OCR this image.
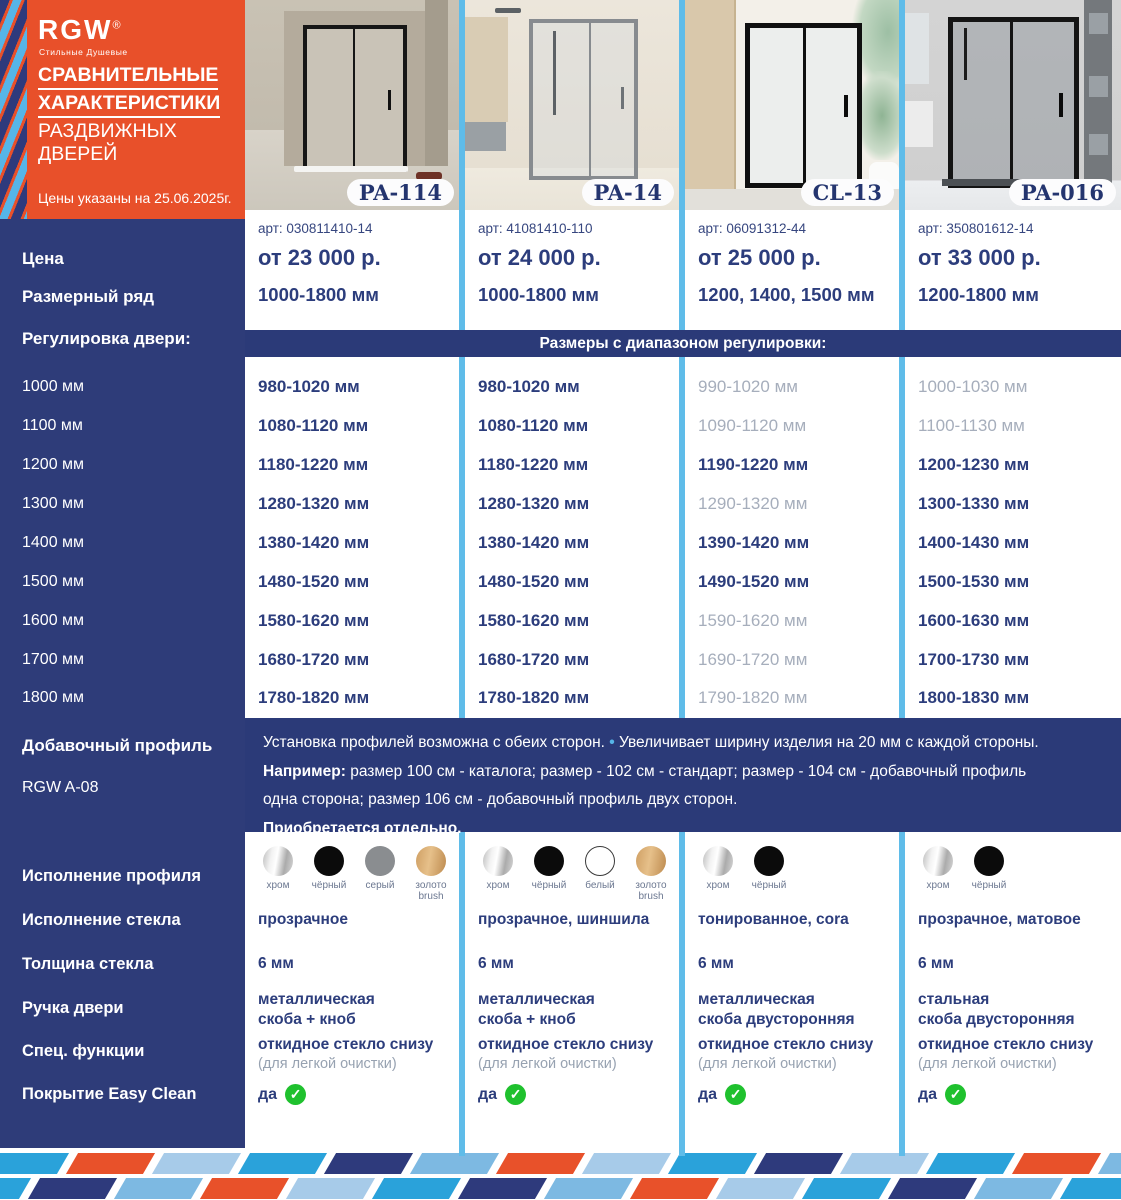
RGW®
Стильные Душевые
СРАВНИТЕЛЬНЫЕ
ХАРАКТЕРИСТИКИ
РАЗДВИЖНЫХ
ДВЕРЕЙ
Цены указаны на 25.06.2025г.
Цена
Размерный ряд
Регулировка двери:
1000 мм
1100 мм
1200 мм
1300 мм
1400 мм
1500 мм
1600 мм
1700 мм
1800 мм
Добавочный профиль
RGW A-08
Исполнение профиля
Исполнение стекла
Толщина стекла
Ручка двери
Спец. функции
Покрытие Easy Clean
Размеры с диапазоном регулировки:
Установка профилей возможна с обеих сторон. • Увеличивает ширину изделия на 20 мм с каждой стороны.
Например: размер 100 см - каталога; размер - 102 см - стандарт; размер - 104 см - добавочный профиль
одна сторона; размер 106 см - добавочный профиль двух сторон.
Приобретается отдельно.
PA-114
арт: 030811410-14
от 23 000 р.
1000-1800 мм
980-1020 мм
1080-1120 мм
1180-1220 мм
1280-1320 мм
1380-1420 мм
1480-1520 мм
1580-1620 мм
1680-1720 мм
1780-1820 мм
хром чёрный серый	золото brush
прозрачное
6 мм
металлическая
скоба + кноб
откидное стекло снизу
(для легкой очистки)
да ✓
PA-14
арт: 41081410-110
от 24 000 р.
1000-1800 мм
980-1020 мм
1080-1120 мм
1180-1220 мм
1280-1320 мм
1380-1420 мм
1480-1520 мм
1580-1620 мм
1680-1720 мм
1780-1820 мм
хром чёрный белый	золото brush
прозрачное, шиншила
6 мм
металлическая
скоба + кноб
откидное стекло снизу
(для легкой очистки)
да ✓
CL-13
арт: 06091312-44
от 25 000 р.
1200, 1400, 1500 мм
990-1020 мм
1090-1120 мм
1190-1220 мм
1290-1320 мм
1390-1420 мм
1490-1520 мм
1590-1620 мм
1690-1720 мм
1790-1820 мм
хром чёрный
тонированное, cora
6 мм
металлическая
скоба двусторонняя
откидное стекло снизу
(для легкой очистки)
да ✓
PA-016
арт: 350801612-14
от 33 000 р.
1200-1800 мм
1000-1030 мм
1100-1130 мм
1200-1230 мм
1300-1330 мм
1400-1430 мм
1500-1530 мм
1600-1630 мм
1700-1730 мм
1800-1830 мм
хром чёрный
прозрачное, матовое
6 мм
стальная
скоба двусторонняя
откидное стекло снизу
(для легкой очистки)
да ✓
